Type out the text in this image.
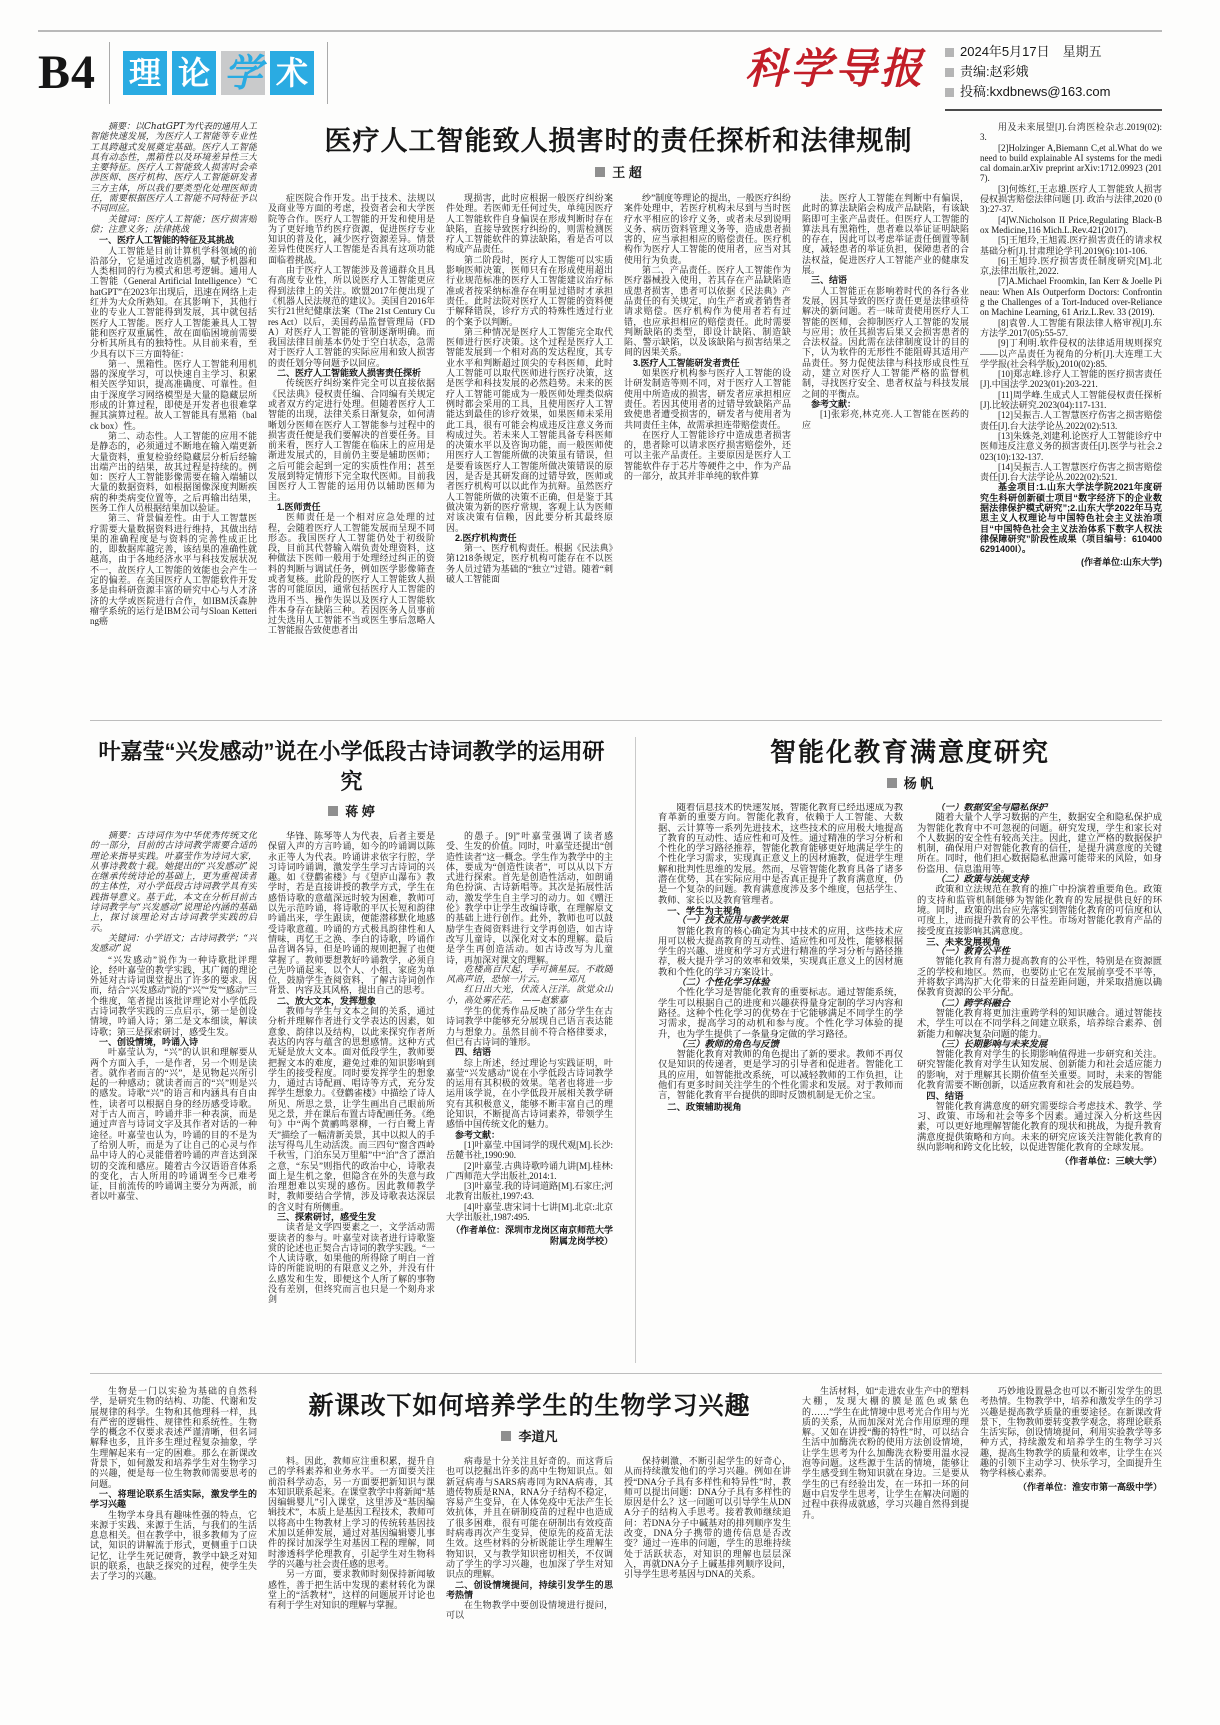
B4 理 论 学 术	科学导报	2024年5月17日　星期五
责编:赵彩娥
投稿:kxdbnews@163.com

摘要：以ChatGPT为代表的通用人工智能快速发展，为医疗人工智能等专业性工具跨越式发展奠定基础。医疗人工智能具有动态性，黑箱性以及环境差异性三大主要特征。医疗人工智能致人损害时会牵涉医师、医疗机构、医疗人工智能研发者三方主体，所以我们要类型化处理医师责任，需要根据医疗人工智能不同特征予以不同回应。

关键词：医疗人工智能；医疗损害赔偿；注意义务；法律挑战

一、医疗人工智能的特征及其挑战

人工智能是目前计算机学科领域的前沿部分，它是通过改造机器，赋予机器和人类相同的行为模式和思考逻辑。通用人工智能（General Artificial Intelligence）“ChatGPT”在2023年出现后，迅速在网络上走红并为大众所熟知。在其影响下，其他行业的专业人工智能得到发展，其中就包括医疗人工智能。医疗人工智能兼具人工智能和医疗双重属性，故在面临困境前需要分析其所具有的独特性。从目前来看，至少具有以下三方面特征：

第一、黑箱性。医疗人工智能利用机器的深度学习，可以快速自主学习、积累相关医学知识，提高准确度、可靠性。但由于深度学习网络模型是大量的隐藏层所形成的计算过程，即使是开发者也很难掌握其演算过程。故人工智能具有黑箱（balck box）性。

第二、动态性。人工智能的应用不能是静态的，必须通过不断地在输入端更新大量资料，重复检验经隐藏层分析后经输出端产出的结果，故其过程是持续的。例如：医疗人工智能影像需要在输入端辅以大量的数据资料，如根据图像深度判断疾病的种类病变位置等，之后再输出结果，医务工作人员根据结果加以验证。

第三、背景偏差性。由于人工智慧医疗需要大量数据资料进行维持，其做出结果的准确程度是与资料的完善性成正比的，即数据库越完善，该结果的准确性就越高，由于各地经济水平与科技发展状况不一，故医疗人工智能的效能也会产生一定的偏差。在美国医疗人工智能软件开发多是由科研资源丰富的研究中心与人才济济的大学或医院进行合作，如IBM沃森肿瘤学系统的运行是IBM公司与Sloan Kettering癌

医疗人工智能致人损害时的责任探析和法律规制
王 超

症医院合作开发。出于技术、法规以及商业等方面的考虑，投资者会和大学医院等合作。医疗人工智能的开发和使用是为了更好地节约医疗资源，促进医疗专业知识的普及化，减少医疗资源差异。情景差异性使医疗人工智能是否具有这项功能面临着挑战。

由于医疗人工智能涉及普通群众且具有高度专业性，所以说医疗人工智能更应得到法律上的关注。欧盟2017年便出现了《机器人民法规范的建议》。美国自2016年实行21世纪健康法案（The 21st Century Cures Act）以后，美国药品监督管理局（FDA）对医疗人工智能的管制逐渐明确。而我国法律目前基本仍处于空白状态，急需对于医疗人工智能的实际应用和致人损害的责任划分等问题予以回应。

二、医疗人工智能致人损害责任探析

传统医疗纠纷案件完全可以直接依据《民法典》侵权责任编、合同编有关规定或者双方约定进行处理。但随着医疗人工智能的出现，法律关系日渐复杂，如何清晰划分医师在医疗人工智能参与过程中的损害责任便是我们要解决的首要任务。目前来看，医疗人工智能在临床上的应用是渐进发展式的，目前仍主要是辅助医师；之后可能会起到一定的实质性作用；甚至发展到特定情形下完全取代医师。目前我国医疗人工智能的运用仍以辅助医师为主。

1.医师责任

医师责任是一个相对应急处理的过程，会随着医疗人工智能发展而呈现不同形态。我国医疗人工智能仍处于初级阶段，目前其代替输入端负责处理资料，这种做法下医师一般用于处理经过纠正的资料的判断与调试任务，例如医学影像筛查或者复核。此阶段的医疗人工智能致人损害的可能原因，通常包括医疗人工智能的选用不当、操作失误以及医疗人工智能软件本身存在缺陷三种。若因医务人员事前过失选用人工智能不当或医生事后忽略人工智能报告致使患者出

现损害，此时应根据一般医疗纠纷案件处理。若医师无任何过失，单纯因医疗人工智能软件自身偏误在形成判断时存在缺陷，直接导致医疗纠纷的，则需检测医疗人工智能软件的算法缺陷，看是否可以构成产品责任。

第二阶段时，医疗人工智能可以实质影响医师决策，医师只有在形成使用超出行业规范标准的医疗人工智能建议治疗标准或者按采纳标准存在明显过错时才承担责任。此时法院对医疗人工智能的资料便于解释错误，诊疗方式的特殊性透过行业的个案予以判断。

第三种情况是医疗人工智能完全取代医师进行医疗决策。这个过程是医疗人工智能发展到一个相对高的发达程度，其专业水平和判断超过顶尖的专科医师，此时人工智能可以取代医师进行医疗决策，这是医学和科技发展的必然趋势。未来的医疗人工智能可能成为一般医师处理类似病例时都会采用的工具，且使用医疗人工智能达到最佳的诊疗效果，如果医师未采用此工具，很有可能会构成违反注意义务而构成过失。若未来人工智能具备专科医师的决策水平以及咨询功能，而一般医师使用医疗人工智能所做的决策虽有错误，但是要看该医疗人工智能所做决策错误的原因，是否是其研发商的过错导致，医师或者医疗机构可以以此作为抗辩。虽然医疗人工智能所做的决策不正确，但是鉴于其做决策为新的医疗常规，客观上认为医师对该决策有信赖，因此要分析其最终原因。

2.医疗机构责任

第一、医疗机构责任。根据《民法典》第1218条规定，医疗机构可能存在不以医务人员过错为基础的“独立”过错。随着“刺破人工智能面

纱”制度等理论的提出，一般医疗纠纷案件处理中，若医疗机构未尽到与当时医疗水平相应的诊疗义务，或者未尽到说明义务、病历资料管理义务等，造成患者损害的，应当承担相应的赔偿责任。医疗机构作为医疗人工智能的使用者，应当对其使用行为负责。

第二、产品责任。医疗人工智能作为医疗器械投入使用，若其存在产品缺陷造成患者损害，患者可以依据《民法典》产品责任的有关规定，向生产者或者销售者请求赔偿。医疗机构作为使用者若有过错，也应承担相应的赔偿责任。此时需要判断缺陷的类型，即设计缺陷、制造缺陷、警示缺陷，以及该缺陷与损害结果之间的因果关系。

3.医疗人工智能研发者责任

如果医疗机构参与医疗人工智能的设计研发制造等则不同，对于医疗人工智能使用中所造成的损害，研发者应承担相应责任。若因其使用者的过错导致缺陷产品致使患者遭受损害的，研发者与使用者为共同责任主体，故需承担连带赔偿责任。

在医疗人工智能诊疗中造成患者损害的，患者除可以请求医疗损害赔偿外，还可以主张产品责任。主要原因是医疗人工智能软件存于芯片等硬件之中，作为产品的一部分，故其并非单纯的软件算

法。医疗人工智能在判断中有偏误，此时的算法缺陷会构成产品缺陷，有该缺陷即可主张产品责任。但医疗人工智能的算法具有黑箱性，患者难以举证证明缺陷的存在，因此可以考虑举证责任倒置等制度，减轻患者的举证负担，保障患者的合法权益，促进医疗人工智能产业的健康发展。

三、结语

人工智能正在影响着时代的各行各业发展，因其导致的医疗责任更是法律亟待解决的新问题。若一味苛责使用医疗人工智能的医师，会抑制医疗人工智能的发展与应用；放任其损害后果又会损害患者的合法权益。因此需在法律制度设计的目的下，认为软件的无形性不能阻碍其适用产品责任。努力促使法律与科技形成良性互动，建立对医疗人工智能严格的监督机制，寻找医疗安全、患者权益与科技发展之间的平衡点。

参考文献：

[1]张彩亮,林克亮.人工智能在医药的应

用及未来展望[J].台湾医检杂志.2019(02):3.

[2]Holzinger A,Biemann C,et al.What do we need to build explainable AI systems for the medical domain.arXiv preprint arXiv:1712.09923 (2017).

[3]何炼红,王志雄.医疗人工智能致人损害侵权损害赔偿法律问题 [J]. 政治与法律,2020 (03):27-37.

[4]W.Nicholson II Price,Regulating Black-Box Medicine,116 Mich.L.Rev.421(2017).

[5]王旭玲,王旭霞.医疗损害责任的请求权基础分析[J].甘肃理论学刊.2019(6):101-106.

[6]王旭玲.医疗损害责任制度研究[M].北京,法律出版社,2022.

[7]A.Michael Froomkin, Ian Kerr & Joelle Pineau: When AIs Outperform Doctors: Confronting the Challenges of a Tort-Induced over-Reliance on Machine Learning, 61 Ariz.L.Rev. 33 (2019).

[8]袁曾.人工智能有限法律人格审视[J].东方法学.2017(05):55-57.

[9]丁利明.软件侵权的法律适用规则探究——以产品责任为视角的分析[J].大连理工大学学报(社会科学版),2010(02):85.

[10]郑志峰.诊疗人工智能的医疗损害责任[J].中国法学.2023(01):203-221.

[11]周学峰.生成式人工智能侵权责任探析[J].比较法研究.2023(04):117-131.

[12]吴振吉.人工智慧医疗伤害之损害赔偿责任[J].台大法学论丛.2022(02):513.

[13]朱姝尧,刘建利.论医疗人工智能诊疗中医师违反注意义务的损害责任[J].医学与社会.2023(10):132-137.

[14]吴振吉.人工智慧医疗伤害之损害赔偿责任[J].台大法学论丛.2022(02):521.

基金项目:1.山东大学法学院2021年度研究生科研创新硕士项目“数字经济下的企业数据法律保护模式研究”;2.山东大学2022年马克思主义人权理论与中国特色社会主义法治项目“中国特色社会主义法治体系下数字人权法律保障研究”阶段性成果（项目编号：6104006291400l）。

(作者单位:山东大学)

叶嘉莹“兴发感动”说在小学低段古诗词教学的运用研究
蒋 婷

摘要：古诗词作为中华优秀传统文化的一部分，目前的古诗词教学需要合适的理论来指导实践。叶嘉莹作为诗词大家，从事诗教数十载。她提出的“兴发感动”说在继承传统诗论的基础上，更为重视读者的主体性，对小学低段古诗词教学具有实践指导意义。基于此，本文在分析目前古诗词教学与“兴发感动”说理论内涵的基础上，探讨该理论对古诗词教学实践的启示。

关键词：小学语文；古诗词教学；“兴发感动”说

“兴发感动”说作为一种诗歌批评理论，经叶嘉莹的教学实践，其广阔的理论外延对古诗词课堂提出了许多的要求。因而，结合“兴发感动”说的“兴”“发”“感动”三个维度，笔者提出该批评理论对小学低段古诗词教学实践的三点启示，第一是创设情境，吟诵入诗；第二是文本细读，解读诗歌；第三是探索研讨，感受生发。

一、创设情境，吟诵入诗

叶嘉莹认为，“兴”的认识和理解要从两个方面入手，一是作者，另一个则是读者。就作者而言的“兴”，是见物起兴所引起的一种感动；就读者而言的“兴”则是兴的感发。诗歌“兴”的语言和内涵具有自由性，读者可以根据自身的经历感受诗歌。对于古人而言，吟诵并非一种表演，而是通过声音与诗词文字及其作者对话的一种途径。叶嘉莹也认为，吟诵的目的不是为了给别人听，而是为了让自己的心灵与作品中诗人的心灵能借着吟诵的声音达到深切的交流和感应。随着古今汉语语音体系的变化，古人所用的吟诵调至今已难考证，目前流传的吟诵调主要分为两派，前者以叶嘉莹、

华锋、陈琴等人为代表，后者主要是保留入声的方言吟诵，如今的吟诵调以陈永正等人为代表。吟诵讲求依字行腔，学习诗词吟诵调，激发学生学习古诗词的兴趣。如《登鹳雀楼》与《望庐山瀑布》教学时，若是直接讲授的教学方式，学生在感悟诗歌的意蕴深远时较为困难，教师可以先示范吟诵，将诗歌的平仄长短和韵律吟诵出来，学生跟读，便能潜移默化地感受诗歌意蕴。吟诵的方式极具韵律性和人情味，再忆王之涣、李白的诗歌，吟诵作品音调各异，但是吟诵的规则把握了也便掌握了。教师要想教好吟诵教学，必须自己先吟诵起来，以个人、小组、家庭为单位，鼓励学生查阅资料，了解古诗词创作背景、内容及其风格，提出自己的思考。

二、放大文本，发挥想象

教师与学生与文本之间的关系，通过分析并理解作者进行文学表达的因素，如意象、韵律以及结构，以此来探究作者所表达的内容与蕴含的思想感情。这种方式无疑是放大文本。面对低段学生，教师要把握文本的难度，避免过难的知识影响到学生的接受程度。同时要发挥学生的想象力，通过古诗配画、唱诗等方式，充分发挥学生想象力。《登鹳雀楼》中描绘了诗人所见、所思之景，让学生画出自己眼前所见之景，并在课后布置古诗配画任务。《绝句》中“两个黄鹂鸣翠柳，一行白鹭上青天”描绘了一幅清新美景，其中以拟人的手法写得鸟儿生动活泼。而三四句“窗含西岭千秋雪，门泊东吴万里船”中“泊”含了漂泊之意，“东吴”则指代的政治中心，诗歌表面上是生机之象，但隐含在外的失意与政治理想难以实现的感伤。因此教师教学时，教师要结合学情，涉及诗歌表达深层的含义时有所侧重。

三、探索研讨，感受生发

读者是文学四要素之一，文学活动需要读者的参与。叶嘉莹对读者进行诗歌鉴赏的论述也正契合古诗词的教学实践。“一个人读诗歌，如果他的所得除了明白一首诗的所能说明的有限意义之外，并没有什么感发和生发，即便这个人所了解的事物没有差别，但终究而言也只是一个刻舟求剑

的愚子。[9]”叶嘉莹强调了读者感受、生发的价值。同时，叶嘉莹还提出“创造性读者”这一概念。学生作为教学中的主体，要成为“创造性读者”，可以从以下方式进行探索。首先是创造性活动，如朗诵角色扮演、古诗新唱等。其次是拓展性活动，激发学生自主学习的动力。如《赠汪伦》教学中让学生改编诗歌，在理解原文的基础上进行创作。此外，教师也可以鼓励学生查阅资料进行文学再创造，如古诗改写儿童诗，以深化对文本的理解。最后是学生再创造活动。如古诗改写为儿童诗，再加深对课文的理解。

危楼高百尺起，手可摘星辰。不敢随风高声语，恐惊一片云。　——邓凡

红日出大光，伏流入汪洋。欲觉众山小，高处雾茫茫。　——赵紫嘉

学生的优秀作品反映了部分学生在古诗词教学中能够充分展现自己语言表达能力与想象力。虽然目前不符合格律要求，但已有古诗词的雏形。

四、结语

综上所述，经过理论与实践证明，叶嘉莹“兴发感动”说在小学低段古诗词教学的运用有其积极的效果。笔者也将进一步运用该学说，在小学低段开展相关教学研究有其积极意义，能够不断丰富自己的理论知识，不断提高古诗词素养，带领学生感悟中国传统文化的魅力。

参考文献：

[1]叶嘉莹.中国词学的现代观[M].长沙:岳麓书社,1990:90.

[2]叶嘉莹.古典诗歌吟诵九讲[M].桂林:广西师范大学出版社,2014:1.

[3]叶嘉莹.我的诗词道路[M].石家庄;河北教育出版社,1997:43.

[4]叶嘉莹.唐宋词十七讲[M].北京:北京大学出版社,1987:495.

（作者单位：深圳市龙岗区南京师范大学附属龙岗学校）

智能化教育满意度研究
杨 帆

随着信息技术的快速发展，智能化教育已经迅速成为教育革新的重要方向。智能化教育，依赖于人工智能、大数据、云计算等一系列先进技术，这些技术的应用极大地提高了教育的互动性、适应性和可及性。通过精准的学习分析和个性化的学习路径推荐，智能化教育能够更好地满足学生的个性化学习需求，实现真正意义上的因材施教，促进学生理解和批判性思维的发展。然而，尽管智能化教育具备了诸多潜在优势，其在实际应用中是否真正提升了教育满意度，仍是一个复杂的问题。教育满意度涉及多个维度，包括学生、教师、家长以及教育管理者。

一、学生为主视角

（一）技术应用与教学效果

智能化教育的核心确定为其中技术的应用，这些技术应用可以极大提高教育的互动性、适应性和可及性，能够根据学生的兴趣、进度和学习方式进行精准的学习分析与路径推荐，极大提升学习的效率和效果，实现真正意义上的因材施教和个性化的学习方案设计。

（二）个性化学习体验

个性化学习是智能化教育的重要标志。通过智能系统，学生可以根据自己的进度和兴趣获得量身定制的学习内容和路径。这种个性化学习的优势在于它能够满足不同学生的学习需求，提高学习的动机和参与度。个性化学习体验的提升，也为学生提供了一条量身定做的学习路径。

（三）教师的角色与反馈

智能化教育对教师的角色提出了新的要求。教师不再仅仅是知识的传递者，更是学习的引导者和促进者。智能化工具的应用，如智能批改系统，可以减轻教师的工作负担，让他们有更多时间关注学生的个性化需求和发展。对于教师而言，智能化教育平台提供的即时反馈机制是无价之宝。

二、政策辅助视角

（一）数据安全与隐私保护

随着大量个人学习数据的产生，数据安全和隐私保护成为智能化教育中不可忽视的问题。研究发现，学生和家长对个人数据的安全性有较高关注。因此，建立严格的数据保护机制，确保用户对智能化教育的信任，是提升满意度的关键所在。同时，他们担心数据隐私泄露可能带来的风险，如身份盗用、信息滥用等。

（二）政策与法规支持

政策和立法规范在教育的推广中扮演着重要角色。政策的支持和监管机制能够为智能化教育的发展提供良好的环境。同时，政策的出台应先落实到智能化教育的可信度和认可度上，进而提升教育的公平性。市场对智能化教育产品的接受度直接影响其满意度。

三、未来发展视角

（一）教育公平性

智能化教育有潜力提高教育的公平性，特别是在资源匮乏的学校和地区。然而，也要防止它在发展前享受不平等，并将数字鸿沟扩大化带来的日益差距问题，并采取措施以确保教育资源的公平分配。

（二）跨学科融合

智能化教育将更加注重跨学科的知识融合。通过智能技术，学生可以在不同学科之间建立联系，培养综合素养、创新能力和解决复杂问题的能力。

（三）长期影响与未来发展

智能化教育对学生的长期影响值得进一步研究和关注。研究智能化教育对学生认知发展、创新能力和社会适应能力的影响，对于理解其长期价值至关重要。同时，未来的智能化教育需要不断创新，以适应教育和社会的发展趋势。

四、结语

智能化教育满意度的研究需要综合考虑技术、教学、学习、政策、市场和社会等多个因素。通过深入分析这些因素，可以更好地理解智能化教育的现状和挑战，为提升教育满意度提供策略和方向。未来的研究应该关注智能化教育的纵向影响和跨文化比较，以促进智能化教育的全球发展。

（作者单位：三峡大学）

生物是一门以实验为基础的自然科学，是研究生物的结构、功能、代谢和发展规律的科学。生物和其他理科一样，具有严密的逻辑性、规律性和系统性。生物学的概念不仅要求表述严谨清晰，但名词解释也多，且许多生理过程复杂抽象，学生理解起来有一定的困难。那么在新课改背景下，如何激发和培养学生对生物学习的兴趣，便是每一位生物教师需要思考的问题。

一、将理论联系生活实际，激发学生的学习兴趣

生物学本身具有趣味性强的特点，它来源于实践、来源于生活，与我们的生活息息相关。但在教学中，很多教师为了应试，知识的讲解流于形式，更侧重于口诀记忆，让学生死记硬背，教学中缺乏对知识的联系，也缺乏探究的过程，使学生失去了学习的兴趣。

新课改下如何培养学生的生物学习兴趣
李道凡

料。因此，教师应注重积累，提升自己的学科素养和业务水平。一方面要关注前沿科学动态，另一方面要把新知识与课本知识联系起来。在课堂教学中将新闻“基因编辑婴儿”引入课堂，这里涉及“基因编辑技术”，本质上是基因工程技术，教师可以将高中生物教材上学习的传统转基因技术加以延伸发展，通过对基因编辑婴儿事件的探讨加深学生对基因工程的理解，同时渗透科学伦理教育，引起学生对生物科学的兴趣与社会责任感的思考。

另一方面，要求教师时刻保持新闻敏感性，善于把生活中发现的素材转化为课堂上的“活教材”，这样的问题展开讨论也有利于学生对知识的理解与掌握。

病毒是十分关注且好奇的。而这背后也可以挖掘出许多的高中生物知识点。如新冠病毒与SARS病毒同为RNA病毒，其遗传物质是RNA，RNA分子结构不稳定，容易产生变异，在人体免疫中无法产生长效抗体，并且在研制疫苗的过程中也造成了很多困难，很有可能在研制出有效疫苗时病毒再次产生变异，使原先的疫苗无法生效。这些材料的分析既能让学生理解生物知识，又与教学知识密切相关，不仅调动了学生的学习兴趣，也加深了学生对知识点的理解。

二、创设情境提问，持续引发学生的思考热情

在生物教学中要创设情境进行提问，可以

保持刺激，不断引起学生的好奇心，从而持续激发他们的学习兴趣。例如在讲授“DNA分子具有多样性和特异性”时，教师可以提出问题：DNA分子具有多样性的原因是什么？这一问题可以引导学生从DNA分子的结构入手思考。接着教师继续追问：若DNA分子中碱基对的排列顺序发生改变，DNA分子携带的遗传信息是否改变？通过一连串的问题，学生的思维持续处于活跃状态，对知识的理解也层层深入，再就DNA分子上碱基排列顺序设问，引导学生思考基因与DNA的关系。

生活材料，如“走进农业生产中的塑料大棚，发现大棚的膜是蓝色或紫色的……”学生在此情境中思考光合作用与光质的关系，从而加深对光合作用原理的理解。又如在讲授“酶的特性”时，可以结合生活中加酶洗衣粉的使用方法创设情境，让学生思考为什么加酶洗衣粉要用温水浸泡等问题。这些源于生活的情境，能够让学生感受到生物知识就在身边。三是要从学生的已有经验出发，在一环扣一环的问题中启发学生思考，让学生在解决问题的过程中获得成就感，学习兴趣自然得到提升。

巧妙地设置悬念也可以不断引发学生的思考热情。生物教学中，培养和激发学生的学习兴趣是提高教学质量的重要途径。在新课改背景下，生物教师要转变教学观念，将理论联系生活实际，创设情境提问，利用实验教学等多种方式，持续激发和培养学生的生物学习兴趣，提高生物教学的质量和效率，让学生在兴趣的引领下主动学习、快乐学习，全面提升生物学科核心素养。

（作者单位：淮安市第一高级中学）
